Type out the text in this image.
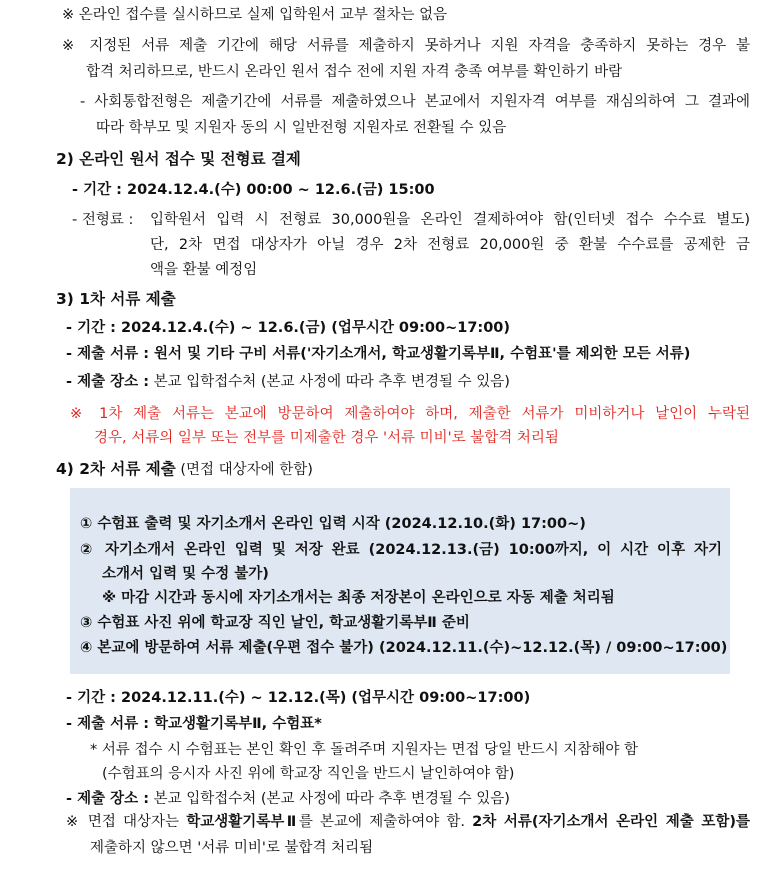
※ 온라인 접수를 실시하므로 실제 입학원서 교부 절차는 없음
※ 지정된 서류 제출 기간에 해당 서류를 제출하지 못하거나 지원 자격을 충족하지 못하는 경우 불
합격 처리하므로, 반드시 온라인 원서 접수 전에 지원 자격 충족 여부를 확인하기 바람
- 사회통합전형은 제출기간에 서류를 제출하였으나 본교에서 지원자격 여부를 재심의하여 그 결과에
따라 학부모 및 지원자 동의 시 일반전형 지원자로 전환될 수 있음
2) 온라인 원서 접수 및 전형료 결제
- 기간 : 2024.12.4.(수) 00:00 ~ 12.6.(금) 15:00
- 전형료 : 입학원서 입력 시 전형료 30,000원을 온라인 결제하여야 함(인터넷 접수 수수료 별도)
단, 2차 면접 대상자가 아닐 경우 2차 전형료 20,000원 중 환불 수수료를 공제한 금
액을 환불 예정임
3) 1차 서류 제출
- 기간 : 2024.12.4.(수) ~ 12.6.(금) (업무시간 09:00~17:00)
- 제출 서류 : 원서 및 기타 구비 서류('자기소개서, 학교생활기록부Ⅱ, 수험표'를 제외한 모든 서류)
- 제출 장소 : 본교 입학접수처 (본교 사정에 따라 추후 변경될 수 있음)
※ 1차 제출 서류는 본교에 방문하여 제출하여야 하며, 제출한 서류가 미비하거나 날인이 누락된
경우, 서류의 일부 또는 전부를 미제출한 경우 '서류 미비'로 불합격 처리됨
4) 2차 서류 제출 (면접 대상자에 한함)
① 수험표 출력 및 자기소개서 온라인 입력 시작 (2024.12.10.(화) 17:00~)
② 자기소개서 온라인 입력 및 저장 완료 (2024.12.13.(금) 10:00까지, 이 시간 이후 자기
소개서 입력 및 수정 불가)
※ 마감 시간과 동시에 자기소개서는 최종 저장본이 온라인으로 자동 제출 처리됨
③ 수험표 사진 위에 학교장 직인 날인, 학교생활기록부Ⅱ 준비
④ 본교에 방문하여 서류 제출(우편 접수 불가) (2024.12.11.(수)~12.12.(목) / 09:00~17:00)
- 기간 : 2024.12.11.(수) ~ 12.12.(목) (업무시간 09:00~17:00)
- 제출 서류 : 학교생활기록부Ⅱ, 수험표*
* 서류 접수 시 수험표는 본인 확인 후 돌려주며 지원자는 면접 당일 반드시 지참해야 함
(수험표의 응시자 사진 위에 학교장 직인을 반드시 날인하여야 함)
- 제출 장소 : 본교 입학접수처 (본교 사정에 따라 추후 변경될 수 있음)
※ 면접 대상자는 학교생활기록부Ⅱ를 본교에 제출하여야 함. 2차 서류(자기소개서 온라인 제출 포함)를
제출하지 않으면 '서류 미비'로 불합격 처리됨
